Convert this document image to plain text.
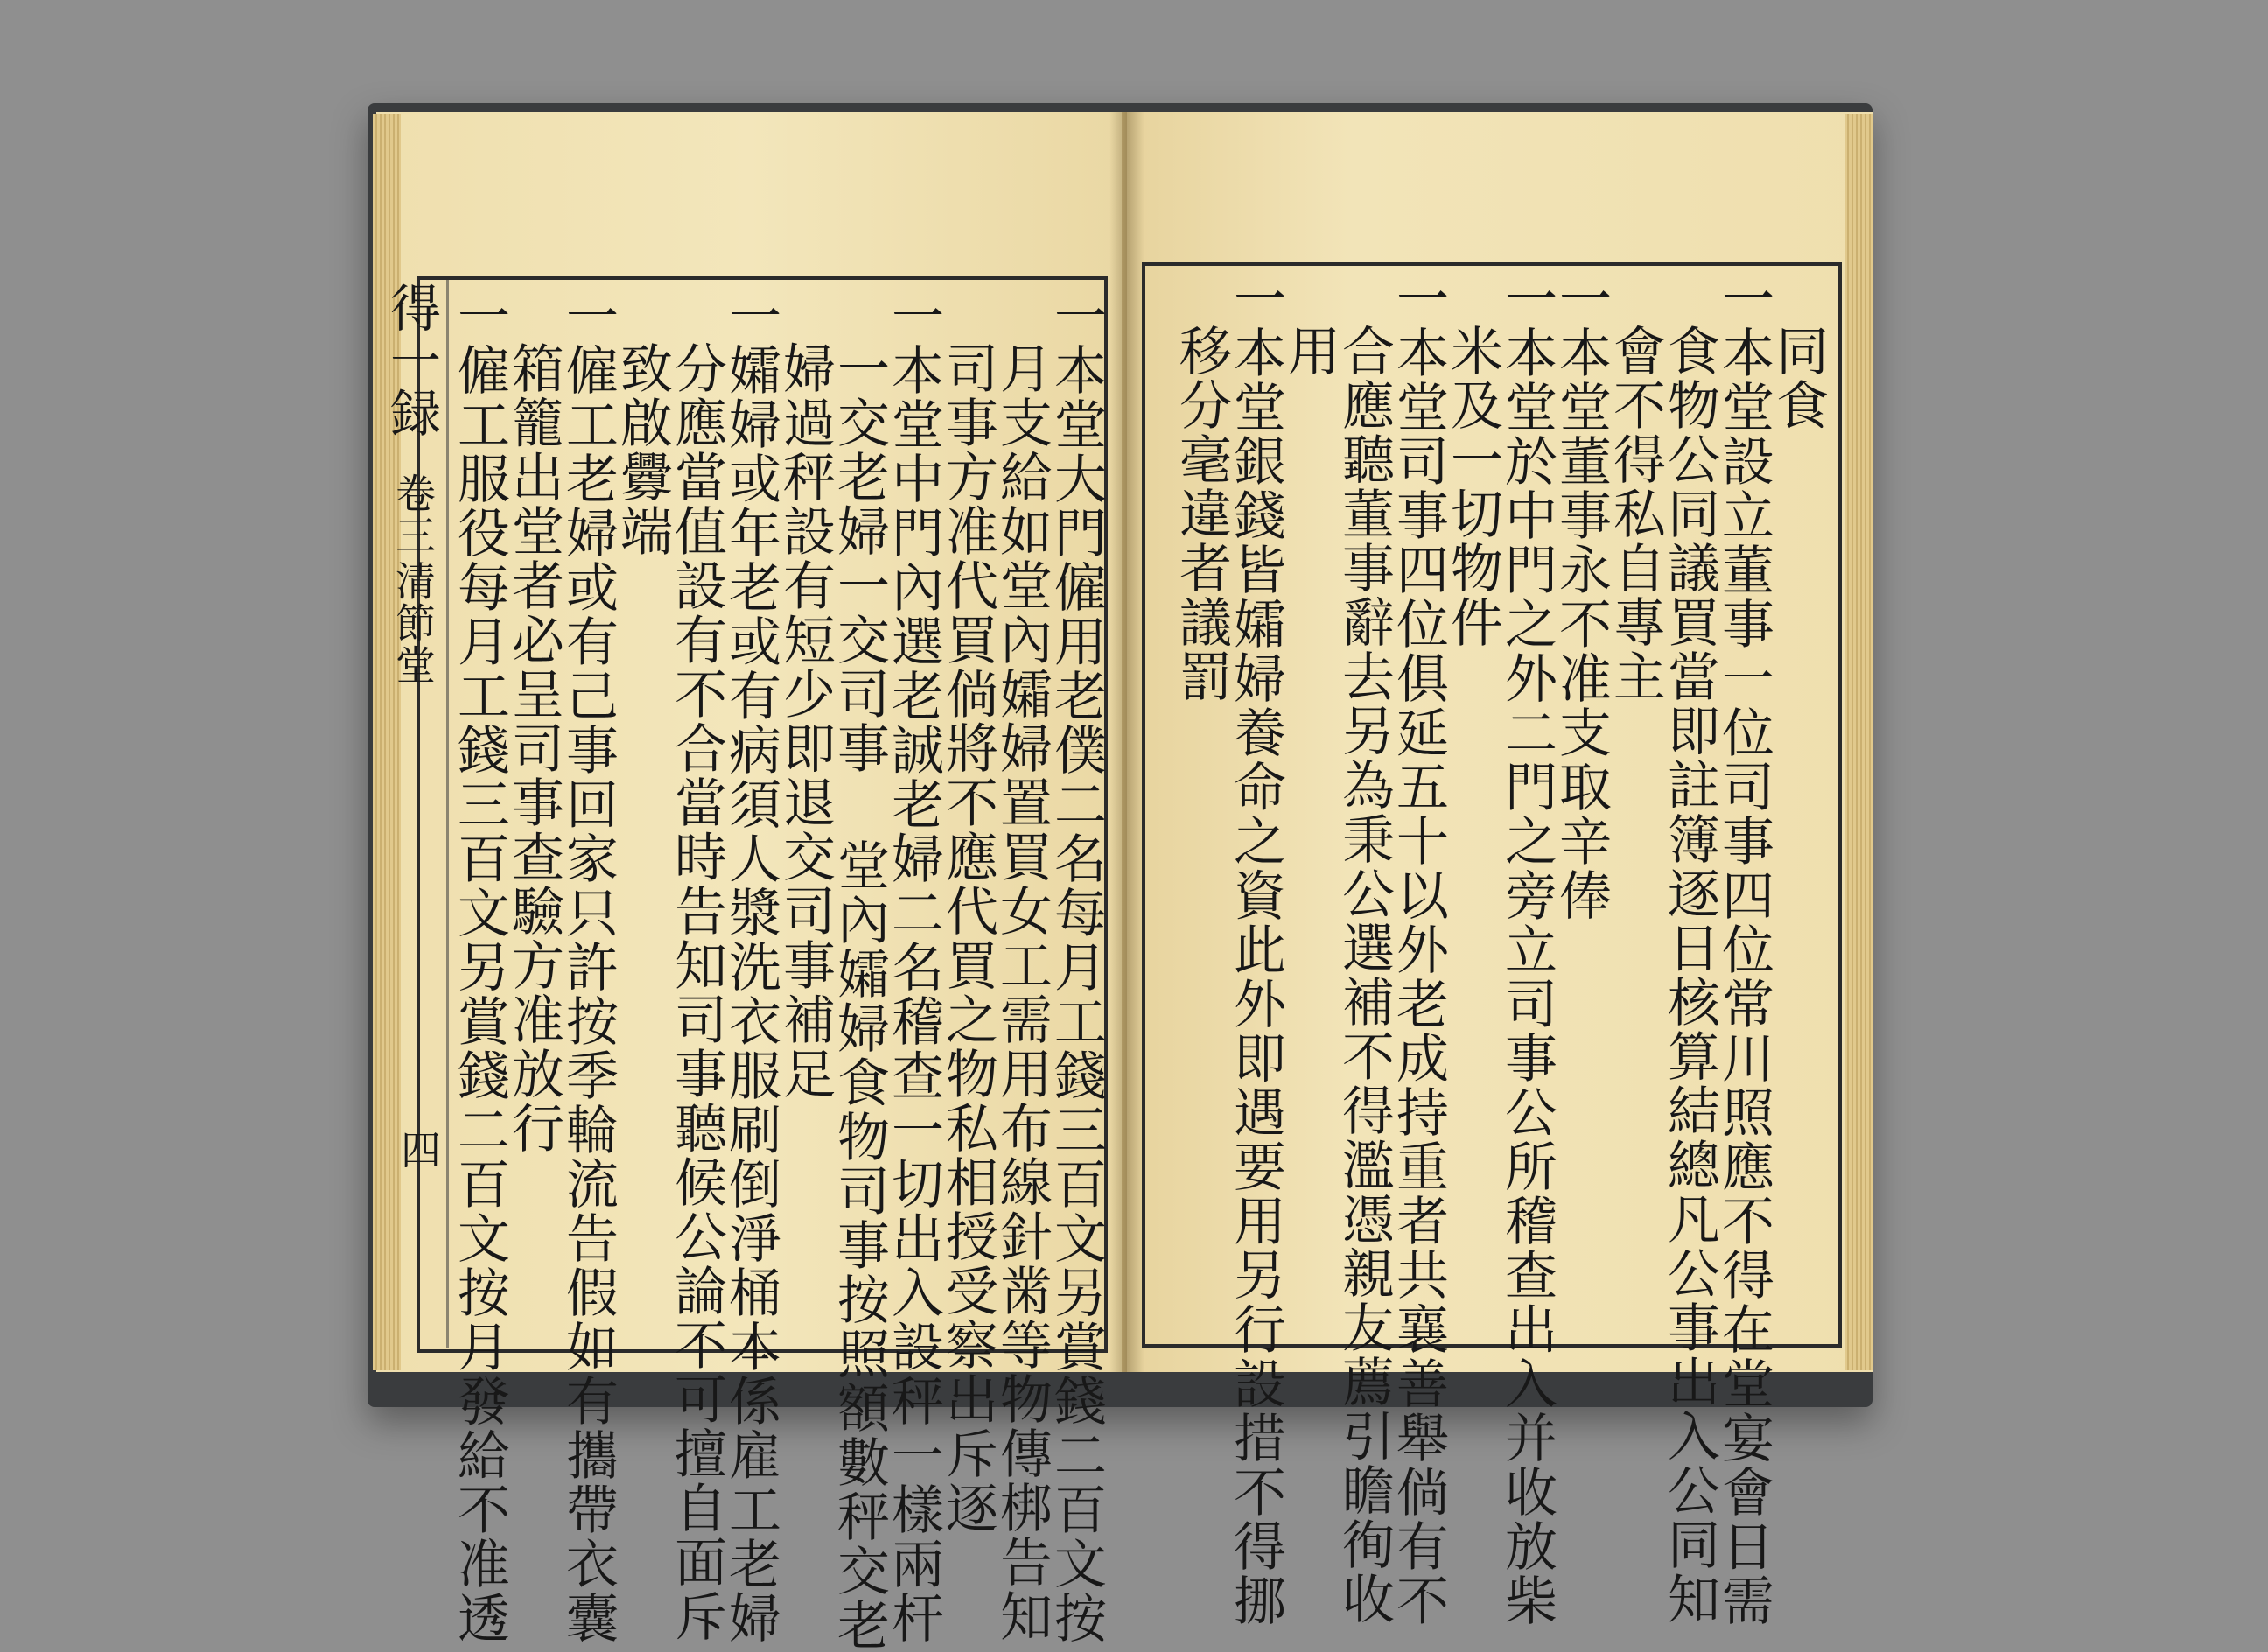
得一録
卷三
清節堂
四	一本堂大門僱用老僕二名每月工錢三百文另賞錢二百文按
月支給如堂內孀婦置買女工需用布線針黹等物傳梆告知
司事方准代買倘將不應代買之物私相授受察出斥逐
一本堂中門內選老誠老婦二名稽查一切出入設秤一樣兩杆
一交老婦一交司事 堂內孀婦食物司事按照額數秤交老
婦過秤設有短少即退交司事補足
一孀婦或年老或有病須人漿洗衣服刷倒淨桶本係雇工老婦
分應當值設有不合當時告知司事聽候公論不可擅自面斥
致啟釁端
一僱工老婦或有己事回家只許按季輪流告假如有攜帶衣囊
箱籠出堂者必呈司事查驗方准放行
一僱工服役每月工錢三百文另賞錢二百文按月發給不准透	同食
一本堂設立董事一位司事四位常川照應不得在堂宴會日需
食物公同議買當即註簿逐日核算結總凡公事出入公同知
會不得私自專主
一本堂董事永不准支取辛俸
一本堂於中門之外二門之旁立司事公所稽查出入并收放柴
米及一切物件
一本堂司事四位俱延五十以外老成持重者共襄善舉倘有不
合應聽董事辭去另為秉公選補不得濫憑親友薦引瞻徇收
用
一本堂銀錢皆孀婦養命之資此外即遇要用另行設措不得挪
移分毫違者議罰
